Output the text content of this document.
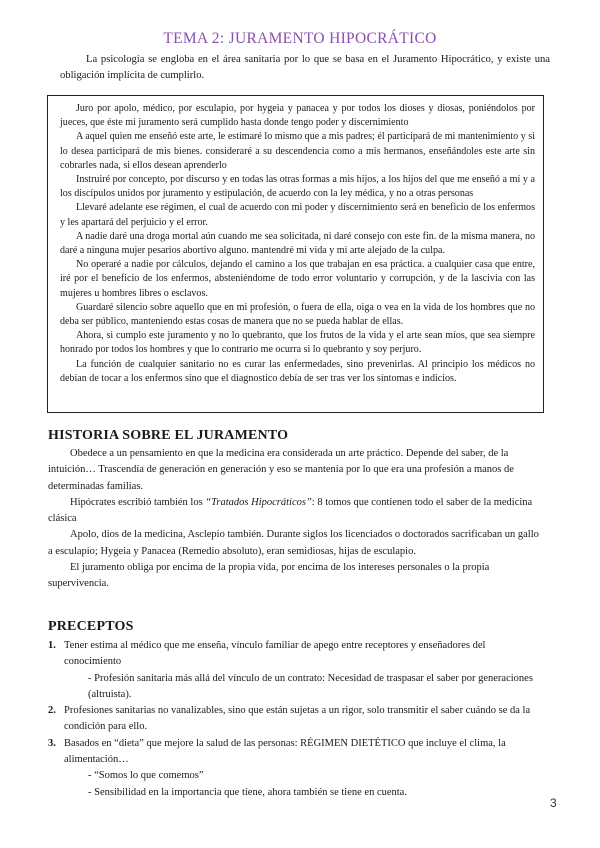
TEMA 2: JURAMENTO HIPOCRÁTICO
La psicología se engloba en el área sanitaria por lo que se basa en el Juramento Hipocrático, y existe una obligación implícita de cumplirlo.

Juro por apolo, médico, por esculapio, por hygeia y panacea y por todos los dioses y diosas, poniéndolos por jueces, que éste mi juramento será cumplido hasta donde tengo poder y discernimiento

A aquel quien me enseñó este arte, le estimaré lo mismo que a mis padres; él participará de mi mantenimiento y si lo desea participará de mis bienes. consideraré a su descendencia como a mis hermanos, enseñándoles este arte sin cobrarles nada, si ellos desean aprenderlo

Instruiré por concepto, por discurso y en todas las otras formas a mis hijos, a los hijos del que me enseñó a mí y a los discípulos unidos por juramento y estipulación, de acuerdo con la ley médica, y no a otras personas

Llevaré adelante ese régimen, el cual de acuerdo con mi poder y discernimiento será en beneficio de los enfermos y les apartará del perjuicio y el error.

A nadie daré una droga mortal aún cuando me sea solicitada, ni daré consejo con este fin. de la misma manera, no daré a ninguna mujer pesarios abortivo alguno. mantendré mi vida y mi arte alejado de la culpa.

No operaré a nadie por cálculos, dejando el camino a los que trabajan en esa práctica. a cualquier casa que entre, iré por el beneficio de los enfermos, absteniéndome de todo error voluntario y corrupción, y de la lascivia con las mujeres u hombres libres o esclavos.

Guardaré silencio sobre aquello que en mi profesión, o fuera de ella, oiga o vea en la vida de los hombres que no deba ser público, manteniendo estas cosas de manera que no se pueda hablar de ellas.

Ahora, si cumplo este juramento y no lo quebranto, que los frutos de la vida y el arte sean míos, que sea siempre honrado por todos los hombres y que lo contrario me ocurra si lo quebranto y soy perjuro.

La función de cualquier sanitario no es curar las enfermedades, sino prevenirlas. Al principio los médicos no debían de tocar a los enfermos sino que el diagnostico debía de ser tras ver los síntomas e indicios.

HISTORIA SOBRE EL JURAMENTO

Obedece a un pensamiento en que la medicina era considerada un arte práctico. Depende del saber, de la intuición… Trascendía de generación en generación y eso se mantenía por lo que era una profesión a manos de determinadas familias.

Hipócrates escribió también los “Tratados Hipocráticos”: 8 tomos que contienen todo el saber de la medicina clásica

Apolo, dios de la medicina, Asclepio también. Durante siglos los licenciados o doctorados sacrificaban un gallo a esculapio; Hygeia y Panacea (Remedio absoluto), eran semidiosas, hijas de esculapio.

El juramento obliga por encima de la propia vida, por encima de los intereses personales o la propia supervivencia.

PRECEPTOS
1. Tener estima al médico que me enseña, vínculo familiar de apego entre receptores y enseñadores del conocimiento
- Profesión sanitaria más allá del vínculo de un contrato: Necesidad de traspasar el saber por generaciones (altruista).
2. Profesiones sanitarias no vanalizables, sino que están sujetas a un rigor, solo transmitir el saber cuándo se da la condición para ello.
3. Basados en “dieta” que mejore la salud de las personas: RÉGIMEN DIETÉTICO que incluye el clima, la alimentación…
- “Somos lo que comemos”
- Sensibilidad en la importancia que tiene, ahora también se tiene en cuenta.
3
